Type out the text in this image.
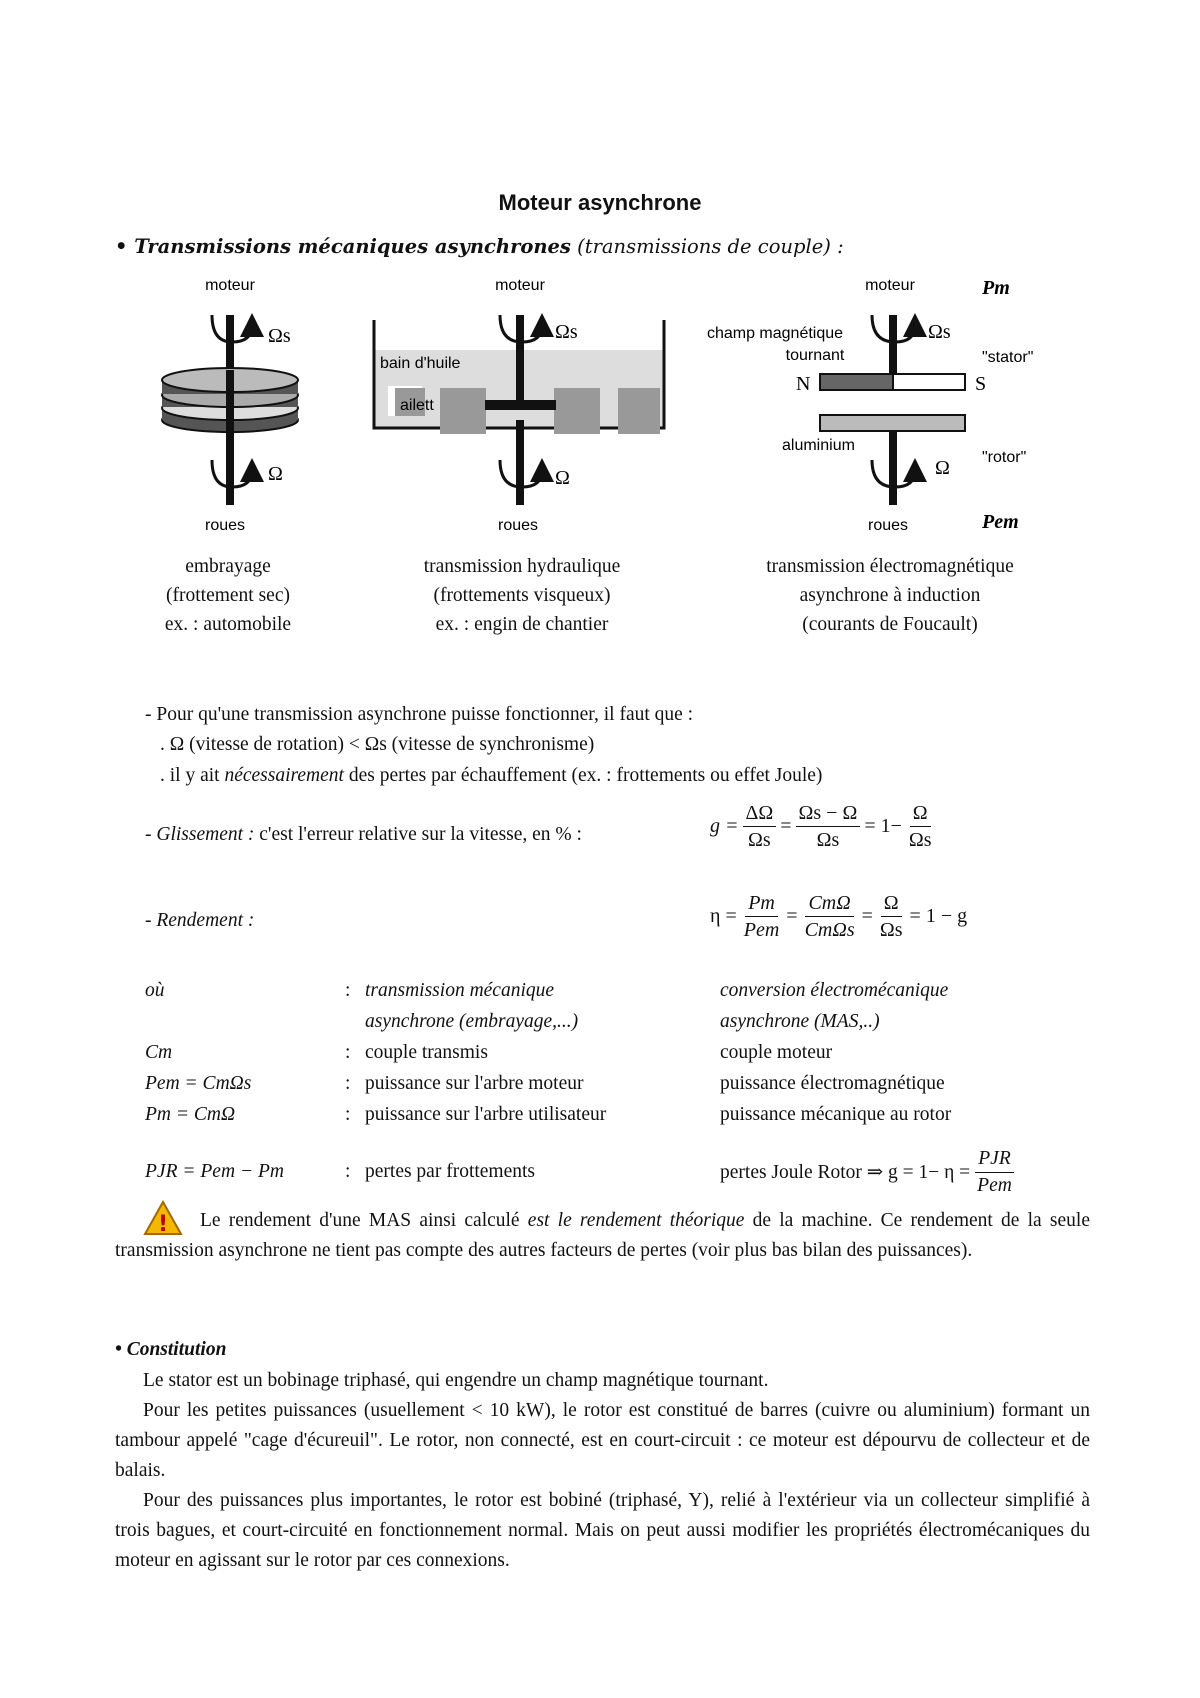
Moteur asynchrone
• Transmissions mécaniques asynchrones (transmissions de couple) :
moteur
Ωs
Ω
roues
moteur
bain d'huile
ailett
Ωs
Ω
roues
moteur	Pm
champ magnétique
tournant	"stator"
Ωs
N	S
aluminium
"rotor"
Ω
roues	Pem
embrayage
(frottement sec)
ex. : automobile
transmission hydraulique
(frottements visqueux)
ex. : engin de chantier
transmission électromagnétique
asynchrone à induction
(courants de Foucault)
- Pour qu'une transmission asynchrone puisse fonctionner, il faut que :
. Ω (vitesse de rotation) < Ωs (vitesse de synchronisme)
. il y ait nécessairement des pertes par échauffement (ex. : frottements ou effet Joule)
- Glissement : c'est l'erreur relative sur la vitesse, en % :	$g = \frac{\Delta\Omega}{\Omega s} = \frac{\Omega s - \Omega}{\Omega s} = 1- \frac{\Omega}{\Omega s}$
- Rendement :	$\eta = \frac{Pm}{\text{Pem}} = \frac{\text{CmΩ}}{\text{CmΩs}} = \frac{\Omega}{\Omega s} = 1 - g$
où	: transmission mécanique	conversion électromécanique
asynchrone (embrayage,...)	asynchrone (MAS,..)
Cm	: couple transmis	couple moteur
Pem = CmΩs	: puissance sur l'arbre moteur	puissance électromagnétique
Pm = CmΩ	: puissance sur l'arbre utilisateur	puissance mécanique au rotor
PJR = Pem − Pm	: pertes par frottements	pertes Joule Rotor ⇒ $g = 1- \eta = \frac{\text{PJR}}{\text{Pem}}$
!	Le rendement d'une MAS ainsi calculé est le rendement théorique de la machine. Ce rendement de la seule transmission asynchrone ne tient pas compte des autres facteurs de pertes (voir plus bas bilan des puissances).
• Constitution
Le stator est un bobinage triphasé, qui engendre un champ magnétique tournant.
Pour les petites puissances (usuellement < 10 kW), le rotor est constitué de barres (cuivre ou aluminium) formant un tambour appelé "cage d'écureuil". Le rotor, non connecté, est en court-circuit : ce moteur est dépourvu de collecteur et de balais.
Pour des puissances plus importantes, le rotor est bobiné (triphasé, Y), relié à l'extérieur via un collecteur simplifié à trois bagues, et court-circuité en fonctionnement normal. Mais on peut aussi modifier les propriétés électromécaniques du moteur en agissant sur le rotor par ces connexions.
